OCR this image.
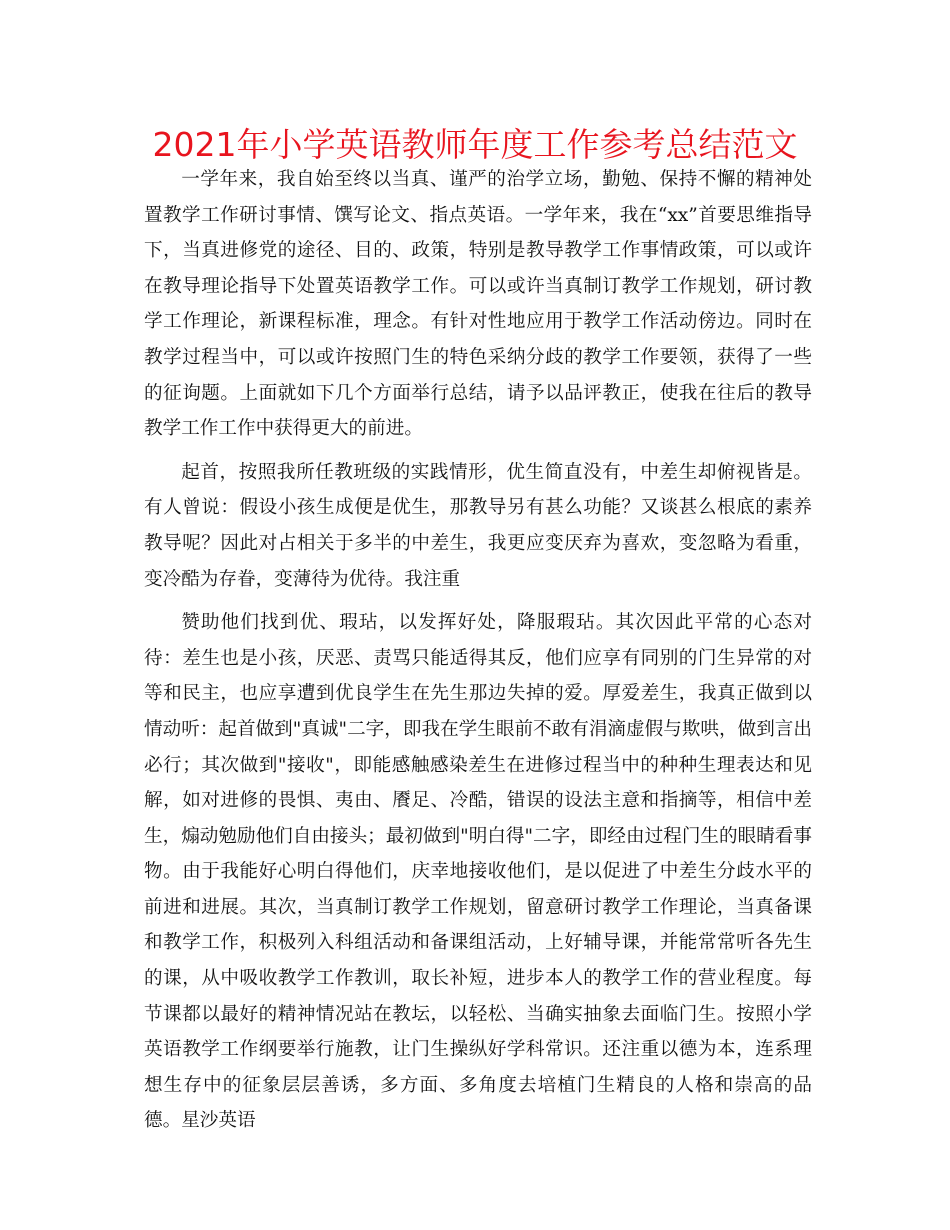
2021年小学英语教师年度工作参考总结范文

一学年来，我自始至终以当真、谨严的治学立场，勤勉、保持不懈的精神处置教学工作研讨事情、馔写论文、指点英语。一学年来，我在“xx”首要思维指导下，当真进修党的途径、目的、政策，特别是教导教学工作事情政策，可以或许在教导理论指导下处置英语教学工作。可以或许当真制订教学工作规划，研讨教学工作理论，新课程标准，理念。有针对性地应用于教学工作活动傍边。同时在教学过程当中，可以或许按照门生的特色采纳分歧的教学工作要领，获得了一些的征询题。上面就如下几个方面举行总结，请予以品评教正，使我在往后的教导教学工作工作中获得更大的前进。

起首，按照我所任教班级的实践情形，优生简直没有，中差生却俯视皆是。有人曾说：假设小孩生成便是优生，那教导另有甚么功能？又谈甚么根底的素养教导呢？因此对占相关于多半的中差生，我更应变厌弃为喜欢，变忽略为看重，变冷酷为存眷，变薄待为优待。我注重

赞助他们找到优、瑕玷，以发挥好处，降服瑕玷。其次因此平常的心态对待：差生也是小孩，厌恶、责骂只能适得其反，他们应享有同别的门生异常的对等和民主，也应享遭到优良学生在先生那边失掉的爱。厚爱差生，我真正做到以情动听：起首做到"真诚"二字，即我在学生眼前不敢有涓滴虚假与欺哄，做到言出必行；其次做到"接收"，即能感触感染差生在进修过程当中的种种生理表达和见解，如对进修的畏惧、夷由、餍足、冷酷，错误的设法主意和指摘等，相信中差生，煽动勉励他们自由接头；最初做到"明白得"二字，即经由过程门生的眼睛看事物。由于我能好心明白得他们，庆幸地接收他们，是以促进了中差生分歧水平的前进和进展。其次，当真制订教学工作规划，留意研讨教学工作理论，当真备课和教学工作，积极列入科组活动和备课组活动，上好辅导课，并能常常听各先生的课，从中吸收教学工作教训，取长补短，进步本人的教学工作的营业程度。每节课都以最好的精神情况站在教坛，以轻松、当确实抽象去面临门生。按照小学英语教学工作纲要举行施教，让门生操纵好学科常识。还注重以德为本，连系理想生存中的征象层层善诱，多方面、多角度去培植门生精良的人格和崇高的品德。星沙英语
